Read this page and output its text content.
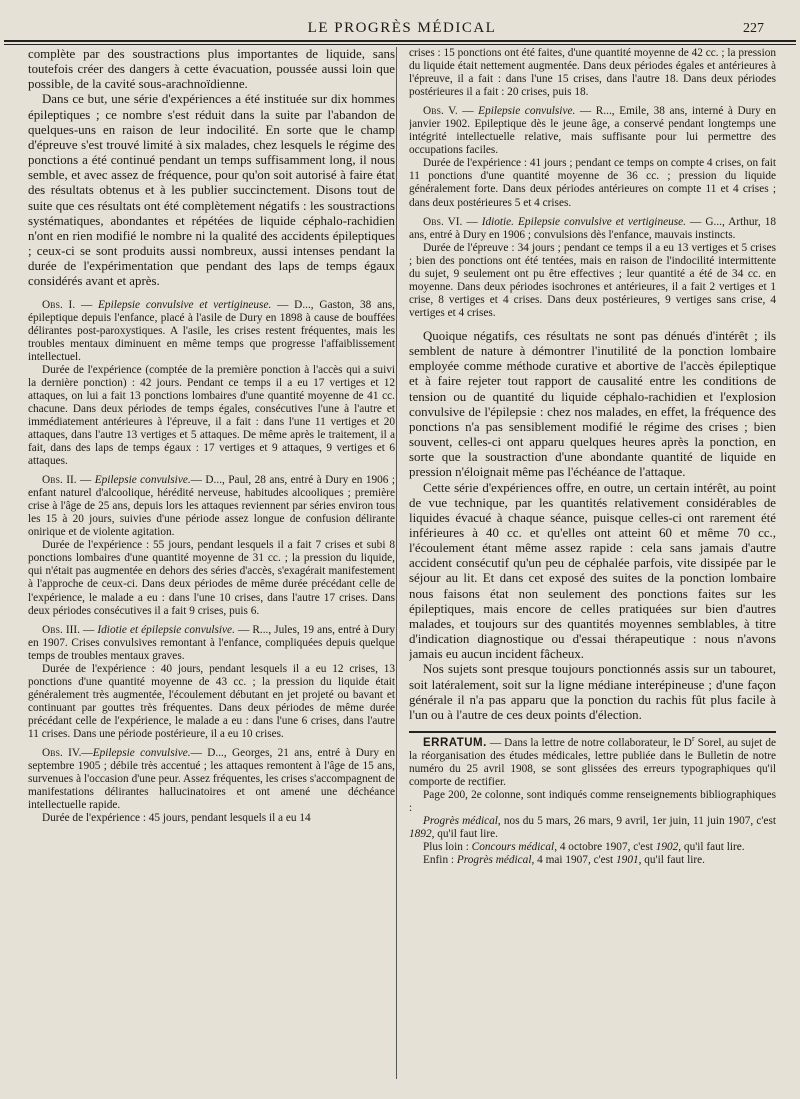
LE PROGRÈS MÉDICAL	227

complète par des soustractions plus importantes de liquide, sans toutefois créer des dangers à cette évacuation, poussée aussi loin que possible, de la cavité sous-arachnoïdienne.

Dans ce but, une série d'expériences a été instituée sur dix hommes épileptiques ; ce nombre s'est réduit dans la suite par l'abandon de quelques-uns en raison de leur indocilité. En sorte que le champ d'épreuve s'est trouvé limité à six malades, chez lesquels le régime des ponctions a été continué pendant un temps suffisamment long, il nous semble, et avec assez de fréquence, pour qu'on soit autorisé à faire état des résultats obtenus et à les publier succinctement. Disons tout de suite que ces résultats ont été complètement négatifs : les soustractions systématiques, abondantes et répétées de liquide céphalo-rachidien n'ont en rien modifié le nombre ni la qualité des accidents épileptiques ; ceux-ci se sont produits aussi nombreux, aussi intenses pendant la durée de l'expérimentation que pendant des laps de temps égaux considérés avant et après.

Obs. I. — Epilepsie convulsive et vertigineuse. — D..., Gaston, 38 ans, épileptique depuis l'enfance, placé à l'asile de Dury en 1898 à cause de bouffées délirantes post-paroxystiques. A l'asile, les crises restent fréquentes, mais les troubles mentaux diminuent en même temps que progresse l'affaiblissement intellectuel.

Durée de l'expérience (comptée de la première ponction à l'accès qui a suivi la dernière ponction) : 42 jours. Pendant ce temps il a eu 17 vertiges et 12 attaques, on lui a fait 13 ponctions lombaires d'une quantité moyenne de 41 cc. chacune. Dans deux périodes de temps égales, consécutives l'une à l'autre et immédiatement antérieures à l'épreuve, il a fait : dans l'une 11 vertiges et 20 attaques, dans l'autre 13 vertiges et 5 attaques. De même après le traitement, il a fait, dans des laps de temps égaux : 17 vertiges et 9 attaques, 9 vertiges et 6 attaques.

Obs. II. — Epilepsie convulsive.— D..., Paul, 28 ans, entré à Dury en 1906 ; enfant naturel d'alcoolique, hérédité nerveuse, habitudes alcooliques ; première crise à l'âge de 25 ans, depuis lors les attaques reviennent par séries environ tous les 15 à 20 jours, suivies d'une période assez longue de confusion délirante onirique et de violente agitation.

Durée de l'expérience : 55 jours, pendant lesquels il a fait 7 crises et subi 8 ponctions lombaires d'une quantité moyenne de 31 cc. ; la pression du liquide, qui n'était pas augmentée en dehors des séries d'accès, s'exagérait manifestement à l'approche de ceux-ci. Dans deux périodes de même durée précédant celle de l'expérience, le malade a eu : dans l'une 10 crises, dans l'autre 17 crises. Dans deux périodes consécutives il a fait 9 crises, puis 6.

Obs. III. — Idiotie et épilepsie convulsive. — R..., Jules, 19 ans, entré à Dury en 1907. Crises convulsives remontant à l'enfance, compliquées depuis quelque temps de troubles mentaux graves.

Durée de l'expérience : 40 jours, pendant lesquels il a eu 12 crises, 13 ponctions d'une quantité moyenne de 43 cc. ; la pression du liquide était généralement très augmentée, l'écoulement débutant en jet projeté ou bavant et continuant par gouttes très fréquentes. Dans deux périodes de même durée précédant celle de l'expérience, le malade a eu : dans l'une 6 crises, dans l'autre 11 crises. Dans une période postérieure, il a eu 10 crises.

Obs. IV.—Epilepsie convulsive.— D..., Georges, 21 ans, entré à Dury en septembre 1905 ; débile très accentué ; les attaques remontent à l'âge de 15 ans, survenues à l'occasion d'une peur. Assez fréquentes, les crises s'accompagnent de manifestations délirantes hallucinatoires et ont amené une déchéance intellectuelle rapide.

Durée de l'expérience : 45 jours, pendant lesquels il a eu 14

crises : 15 ponctions ont été faites, d'une quantité moyenne de 42 cc. ; la pression du liquide était nettement augmentée. Dans deux périodes égales et antérieures à l'épreuve, il a fait : dans l'une 15 crises, dans l'autre 18. Dans deux périodes postérieures il a fait : 20 crises, puis 18.

Obs. V. — Epilepsie convulsive. — R..., Emile, 38 ans, interné à Dury en janvier 1902. Epileptique dès le jeune âge, a conservé pendant longtemps une intégrité intellectuelle relative, mais suffisante pour lui permettre des occupations faciles.

Durée de l'expérience : 41 jours ; pendant ce temps on compte 4 crises, on fait 11 ponctions d'une quantité moyenne de 36 cc. ; pression du liquide généralement forte. Dans deux périodes antérieures on compte 11 et 4 crises ; dans deux postérieures 5 et 4 crises.

Obs. VI. — Idiotie. Epilepsie convulsive et vertigineuse. — G..., Arthur, 18 ans, entré à Dury en 1906 ; convulsions dès l'enfance, mauvais instincts.

Durée de l'épreuve : 34 jours ; pendant ce temps il a eu 13 vertiges et 5 crises ; bien des ponctions ont été tentées, mais en raison de l'indocilité intermittente du sujet, 9 seulement ont pu être effectives ; leur quantité a été de 34 cc. en moyenne. Dans deux périodes isochrones et antérieures, il a fait 2 vertiges et 1 crise, 8 vertiges et 4 crises. Dans deux postérieures, 9 vertiges sans crise, 4 vertiges et 4 crises.

Quoique négatifs, ces résultats ne sont pas dénués d'intérêt ; ils semblent de nature à démontrer l'inutilité de la ponction lombaire employée comme méthode curative et abortive de l'accès épileptique et à faire rejeter tout rapport de causalité entre les conditions de tension ou de quantité du liquide céphalo-rachidien et l'explosion convulsive de l'épilepsie : chez nos malades, en effet, la fréquence des ponctions n'a pas sensiblement modifié le régime des crises ; bien souvent, celles-ci ont apparu quelques heures après la ponction, en sorte que la soustraction d'une abondante quantité de liquide en pression n'éloignait même pas l'échéance de l'attaque.

Cette série d'expériences offre, en outre, un certain intérêt, au point de vue technique, par les quantités relativement considérables de liquides évacué à chaque séance, puisque celles-ci ont rarement été inférieures à 40 cc. et qu'elles ont atteint 60 et même 70 cc., l'écoulement étant même assez rapide : cela sans jamais d'autre accident consécutif qu'un peu de céphalée parfois, vite dissipée par le séjour au lit. Et dans cet exposé des suites de la ponction lombaire nous faisons état non seulement des ponctions faites sur les épileptiques, mais encore de celles pratiquées sur bien d'autres malades, et toujours sur des quantités moyennes semblables, à titre d'indication diagnostique ou d'essai thérapeutique : nous n'avons jamais eu aucun incident fâcheux.

Nos sujets sont presque toujours ponctionnés assis sur un tabouret, soit latéralement, soit sur la ligne médiane interépineuse ; d'une façon générale il n'a pas apparu que la ponction du rachis fût plus facile à l'un ou à l'autre de ces deux points d'élection.

ERRATUM. — Dans la lettre de notre collaborateur, le $D^r$ Sorel, au sujet de la réorganisation des études médicales, lettre publiée dans le Bulletin de notre numéro du 25 avril 1908, se sont glissées des erreurs typographiques qu'il comporte de rectifier.

Page 200, 2e colonne, sont indiqués comme renseignements bibliographiques :

Progrès médical, nos du 5 mars, 26 mars, 9 avril, 1er juin, 11 juin 1907, c'est 1892, qu'il faut lire.

Plus loin : Concours médical, 4 octobre 1907, c'est 1902, qu'il faut lire.

Enfin : Progrès médical, 4 mai 1907, c'est 1901, qu'il faut lire.
